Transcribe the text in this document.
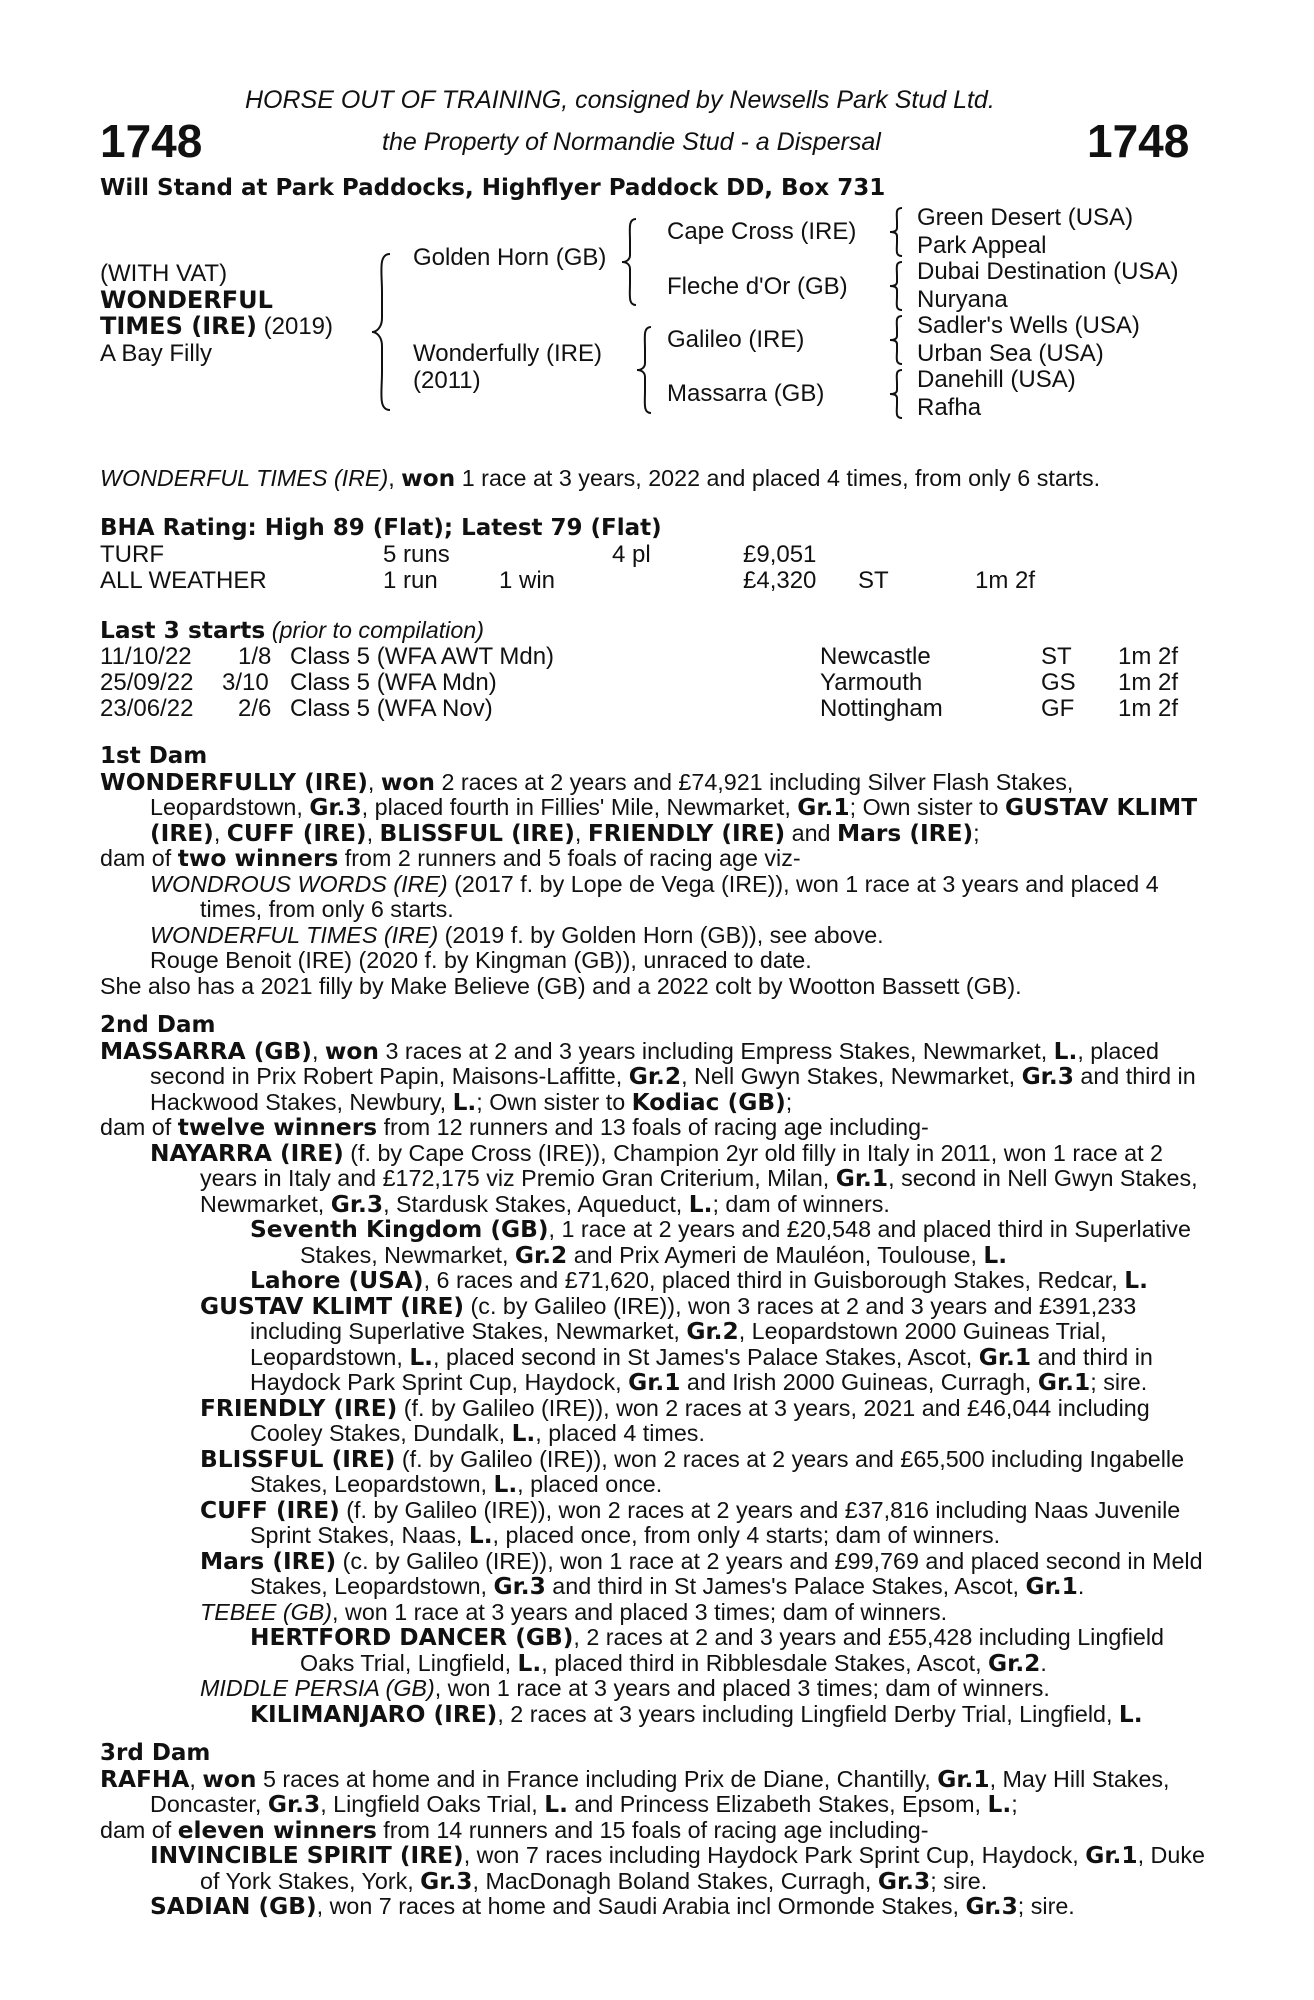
HORSE OUT OF TRAINING, consigned by Newsells Park Stud Ltd.
the Property of Normandie Stud - a Dispersal
1748	1748
Will Stand at Park Paddocks, Highflyer Paddock DD, Box 731
(WITH VAT)
WONDERFUL
TIMES (IRE) (2019)
A Bay Filly
Golden Horn (GB)
Wonderfully (IRE)
(2011)
Cape Cross (IRE)
Fleche d'Or (GB)
Galileo (IRE)
Massarra (GB)
Green Desert (USA)
Park Appeal
Dubai Destination (USA)
Nuryana
Sadler's Wells (USA)
Urban Sea (USA)
Danehill (USA)
Rafha
WONDERFUL TIMES (IRE), won 1 race at 3 years, 2022 and placed 4 times, from only 6 starts.
BHA Rating: High 89 (Flat); Latest 79 (Flat)
TURF	5 runs	4 pl	£9,051
ALL WEATHER	1 run	1 win	£4,320 ST	1m 2f
Last 3 starts (prior to compilation)
11/10/22 1/8 Class 5 (WFA AWT Mdn)	Newcastle	ST 1m 2f
25/09/22 3/10 Class 5 (WFA Mdn)	Yarmouth	GS 1m 2f
23/06/22 2/6 Class 5 (WFA Nov)	Nottingham	GF 1m 2f
1st Dam
WONDERFULLY (IRE), won 2 races at 2 years and £74,921 including Silver Flash Stakes, Leopardstown, Gr.3, placed fourth in Fillies' Mile, Newmarket, Gr.1; Own sister to GUSTAV KLIMT (IRE), CUFF (IRE), BLISSFUL (IRE), FRIENDLY (IRE) and Mars (IRE);
dam of two winners from 2 runners and 5 foals of racing age viz-
WONDROUS WORDS (IRE) (2017 f. by Lope de Vega (IRE)), won 1 race at 3 years and placed 4 times, from only 6 starts.
WONDERFUL TIMES (IRE) (2019 f. by Golden Horn (GB)), see above.
Rouge Benoit (IRE) (2020 f. by Kingman (GB)), unraced to date.
She also has a 2021 filly by Make Believe (GB) and a 2022 colt by Wootton Bassett (GB).
2nd Dam
MASSARRA (GB), won 3 races at 2 and 3 years including Empress Stakes, Newmarket, L., placed second in Prix Robert Papin, Maisons-Laffitte, Gr.2, Nell Gwyn Stakes, Newmarket, Gr.3 and third in Hackwood Stakes, Newbury, L.; Own sister to Kodiac (GB);
dam of twelve winners from 12 runners and 13 foals of racing age including-
NAYARRA (IRE) (f. by Cape Cross (IRE)), Champion 2yr old filly in Italy in 2011, won 1 race at 2 years in Italy and £172,175 viz Premio Gran Criterium, Milan, Gr.1, second in Nell Gwyn Stakes, Newmarket, Gr.3, Stardusk Stakes, Aqueduct, L.; dam of winners.
Seventh Kingdom (GB), 1 race at 2 years and £20,548 and placed third in Superlative Stakes, Newmarket, Gr.2 and Prix Aymeri de Mauléon, Toulouse, L.
Lahore (USA), 6 races and £71,620, placed third in Guisborough Stakes, Redcar, L.
GUSTAV KLIMT (IRE) (c. by Galileo (IRE)), won 3 races at 2 and 3 years and £391,233 including Superlative Stakes, Newmarket, Gr.2, Leopardstown 2000 Guineas Trial, Leopardstown, L., placed second in St James's Palace Stakes, Ascot, Gr.1 and third in Haydock Park Sprint Cup, Haydock, Gr.1 and Irish 2000 Guineas, Curragh, Gr.1; sire.
FRIENDLY (IRE) (f. by Galileo (IRE)), won 2 races at 3 years, 2021 and £46,044 including Cooley Stakes, Dundalk, L., placed 4 times.
BLISSFUL (IRE) (f. by Galileo (IRE)), won 2 races at 2 years and £65,500 including Ingabelle Stakes, Leopardstown, L., placed once.
CUFF (IRE) (f. by Galileo (IRE)), won 2 races at 2 years and £37,816 including Naas Juvenile Sprint Stakes, Naas, L., placed once, from only 4 starts; dam of winners.
Mars (IRE) (c. by Galileo (IRE)), won 1 race at 2 years and £99,769 and placed second in Meld Stakes, Leopardstown, Gr.3 and third in St James's Palace Stakes, Ascot, Gr.1.
TEBEE (GB), won 1 race at 3 years and placed 3 times; dam of winners.
HERTFORD DANCER (GB), 2 races at 2 and 3 years and £55,428 including Lingfield Oaks Trial, Lingfield, L., placed third in Ribblesdale Stakes, Ascot, Gr.2.
MIDDLE PERSIA (GB), won 1 race at 3 years and placed 3 times; dam of winners.
KILIMANJARO (IRE), 2 races at 3 years including Lingfield Derby Trial, Lingfield, L.
3rd Dam
RAFHA, won 5 races at home and in France including Prix de Diane, Chantilly, Gr.1, May Hill Stakes, Doncaster, Gr.3, Lingfield Oaks Trial, L. and Princess Elizabeth Stakes, Epsom, L.;
dam of eleven winners from 14 runners and 15 foals of racing age including-
INVINCIBLE SPIRIT (IRE), won 7 races including Haydock Park Sprint Cup, Haydock, Gr.1, Duke of York Stakes, York, Gr.3, MacDonagh Boland Stakes, Curragh, Gr.3; sire.
SADIAN (GB), won 7 races at home and Saudi Arabia incl Ormonde Stakes, Gr.3; sire.
